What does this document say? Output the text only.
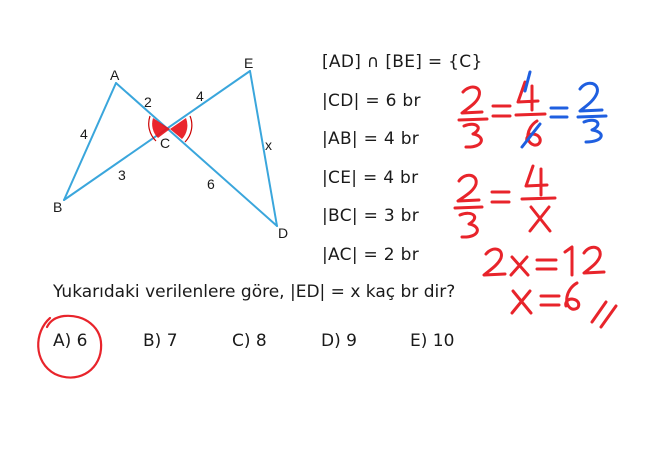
A
B
C
D
E
2	4
4
3
6
x
[AD] ∩ [BE] = {C}
|CD| = 6 br
|AB| = 4 br
|CE| = 4 br
|BC| = 3 br
|AC| = 2 br
Yukarıdaki verilenlere göre, |ED| = x kaç br dir?
A) 6	B) 7	C) 8	D) 9	E) 10
